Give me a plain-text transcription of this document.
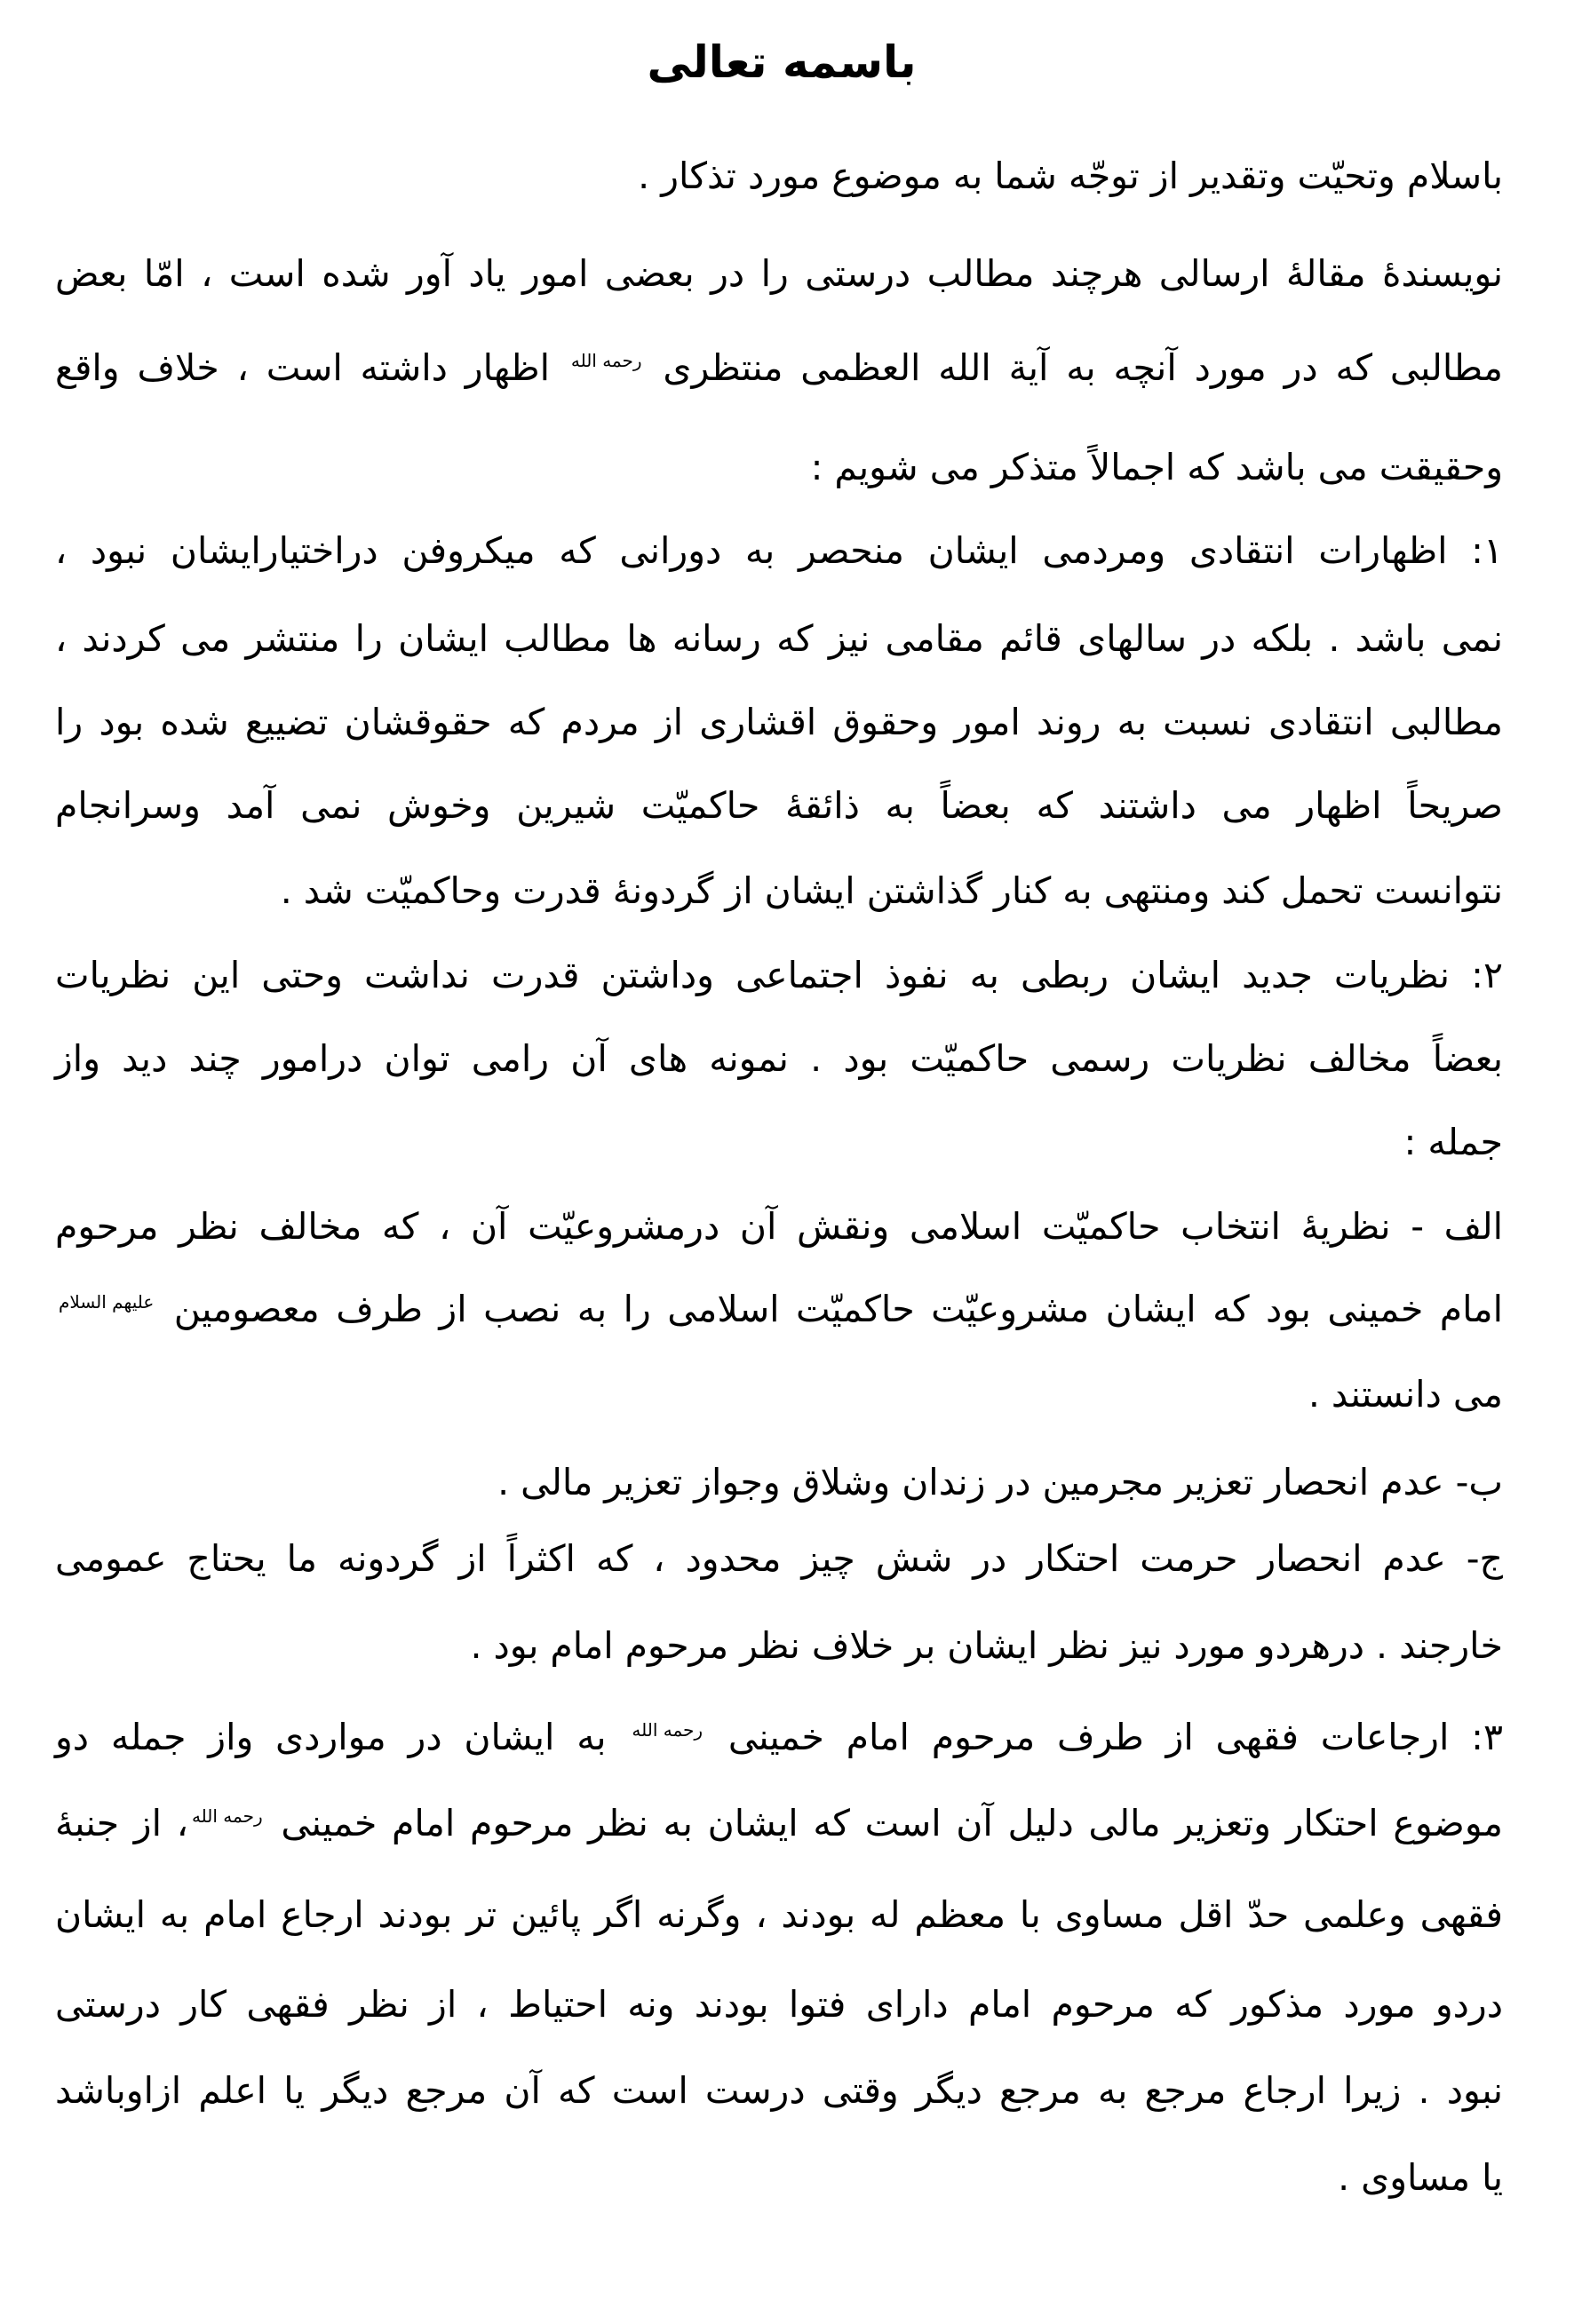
باسمه تعالی
باسلام وتحیّت وتقدیر از توجّه شما به موضوع مورد تذکار .
نویسندۀ مقالۀ ارسالی هرچند مطالب درستی را در بعضی امور یاد آور شده است ، امّا بعض
مطالبی که در مورد آنچه به آیة الله العظمی منتظری رحمه الله اظهار داشته است ، خلاف واقع
وحقیقت می باشد که اجمالاً متذکر می شویم :
۱: اظهارات انتقادی ومردمی ایشان منحصر به دورانی که میکروفن دراختیارایشان نبود ،
نمی باشد . بلکه در سالهای قائم مقامی نیز که رسانه ها مطالب ایشان را منتشر می کردند ،
مطالبی انتقادی نسبت به روند امور وحقوق اقشاری از مردم که حقوقشان تضییع شده بود را
صریحاً اظهار می داشتند که بعضاً به ذائقۀ حاکمیّت شیرین وخوش نمی آمد وسرانجام
نتوانست تحمل کند ومنتهی به کنار گذاشتن ایشان از گردونۀ قدرت وحاکمیّت شد .
۲: نظریات جدید ایشان ربطی به نفوذ اجتماعی وداشتن قدرت نداشت وحتی این نظریات
بعضاً مخالف نظریات رسمی حاکمیّت بود . نمونه های آن رامی توان درامور چند دید واز
جمله :
الف - نظریۀ انتخاب حاکمیّت اسلامی ونقش آن درمشروعیّت آن ، که مخالف نظر مرحوم
امام خمینی بود که ایشان مشروعیّت حاکمیّت اسلامی را به نصب از طرف معصومین علیهم السلام
می دانستند .
ب- عدم انحصار تعزیر مجرمین در زندان وشلاق وجواز تعزیر مالی .
ج- عدم انحصار حرمت احتکار در شش چیز محدود ، که اکثراً از گردونه ما یحتاج عمومی
خارجند . درهردو مورد نیز نظر ایشان بر خلاف نظر مرحوم امام بود .
۳: ارجاعات فقهی از طرف مرحوم امام خمینی رحمه الله به ایشان در مواردی واز جمله دو
موضوع احتکار وتعزیر مالی دلیل آن است که ایشان به نظر مرحوم امام خمینی رحمه الله، از جنبۀ
فقهی وعلمی حدّ اقل مساوی با معظم له بودند ، وگرنه اگر پائین تر بودند ارجاع امام به ایشان
دردو مورد مذکور که مرحوم امام دارای فتوا بودند ونه احتیاط ، از نظر فقهی کار درستی
نبود . زیرا ارجاع مرجع به مرجع دیگر وقتی درست است که آن مرجع دیگر یا اعلم ازاوباشد
یا مساوی .
